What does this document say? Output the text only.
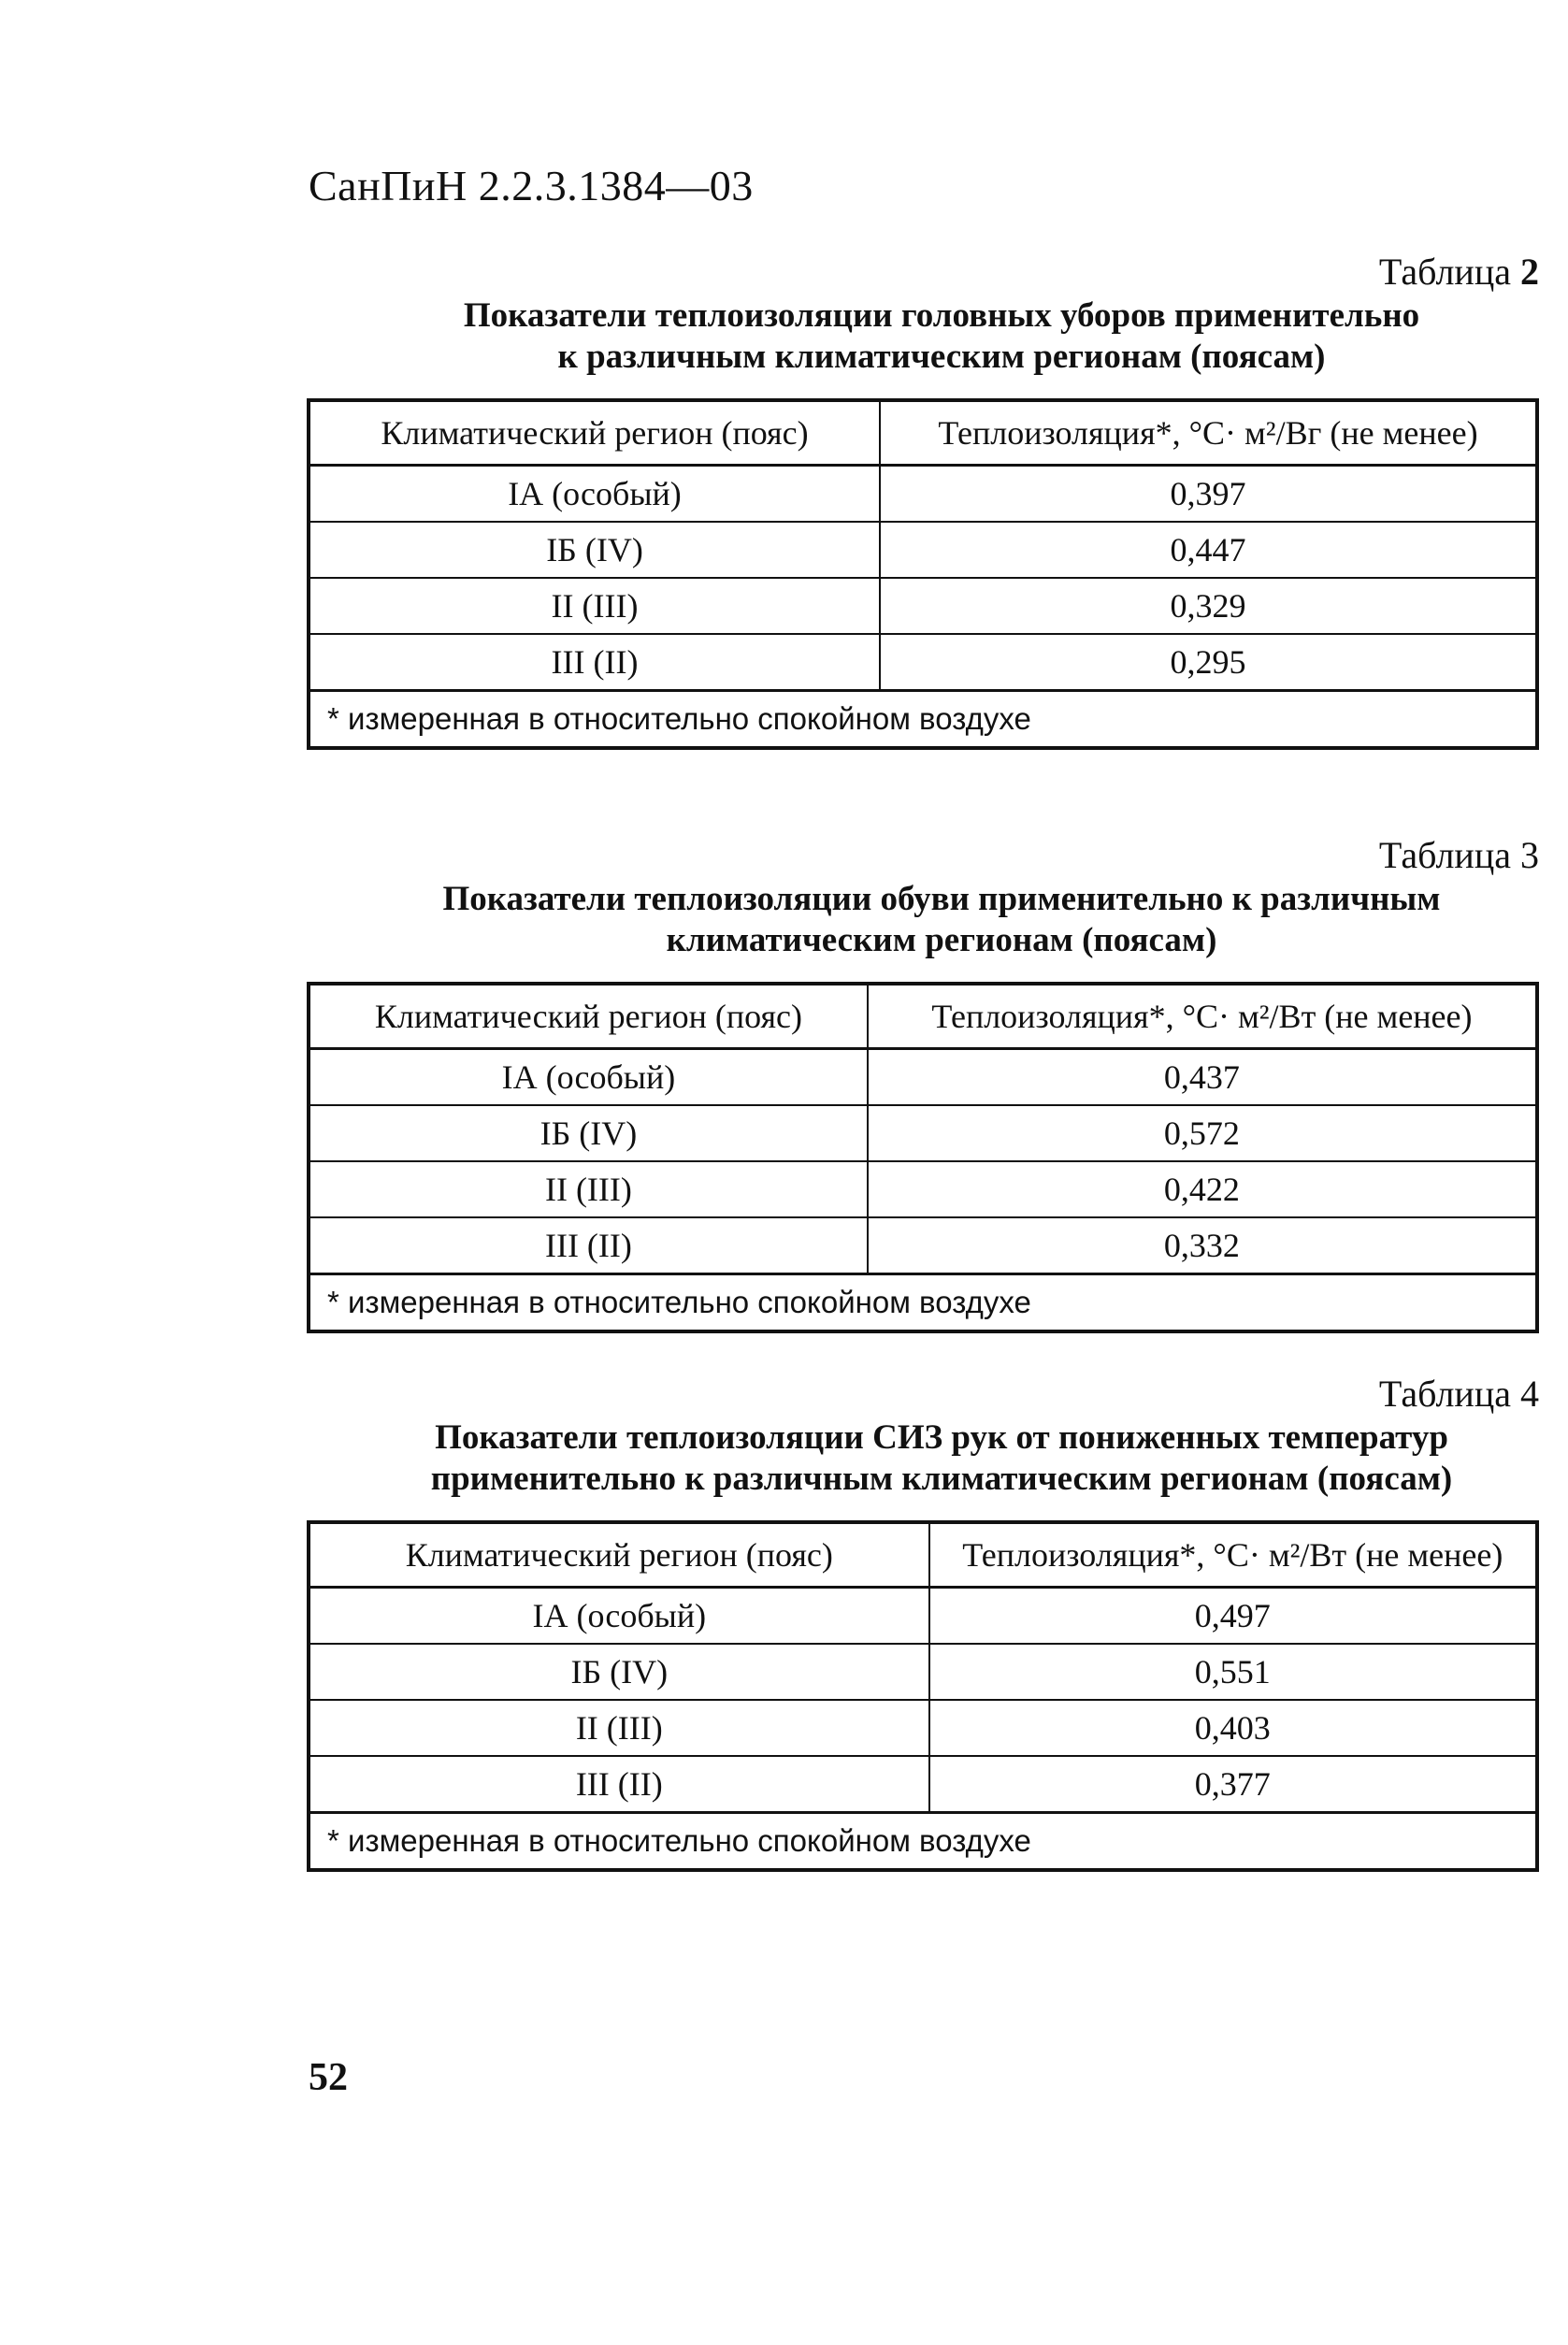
СанПиН 2.2.3.1384—03
Таблица 2
Показатели теплоизоляции головных уборов применительно
к различным климатическим регионам (поясам)
Климатический регион (пояс)	Теплоизоляция*, °С· м²/Вг (не менее)
IА (особый)	0,397
IБ (IV)	0,447
II (III)	0,329
III (II)	0,295
* измеренная в относительно спокойном воздухе	
Таблица 3
Показатели теплоизоляции обуви применительно к различным
климатическим регионам (поясам)
Климатический регион (пояс)	Теплоизоляция*, °С· м²/Вт (не менее)
IА (особый)	0,437
IБ (IV)	0,572
II (III)	0,422
III (II)	0,332
* измеренная в относительно спокойном воздухе	
Таблица 4
Показатели теплоизоляции СИЗ рук от пониженных температур
применительно к различным климатическим регионам (поясам)
Климатический регион (пояс)	Теплоизоляция*, °С· м²/Вт (не менее)
IА (особый)	0,497
IБ (IV)	0,551
II (III)	0,403
III (II)	0,377
* измеренная в относительно спокойном воздухе	
52
